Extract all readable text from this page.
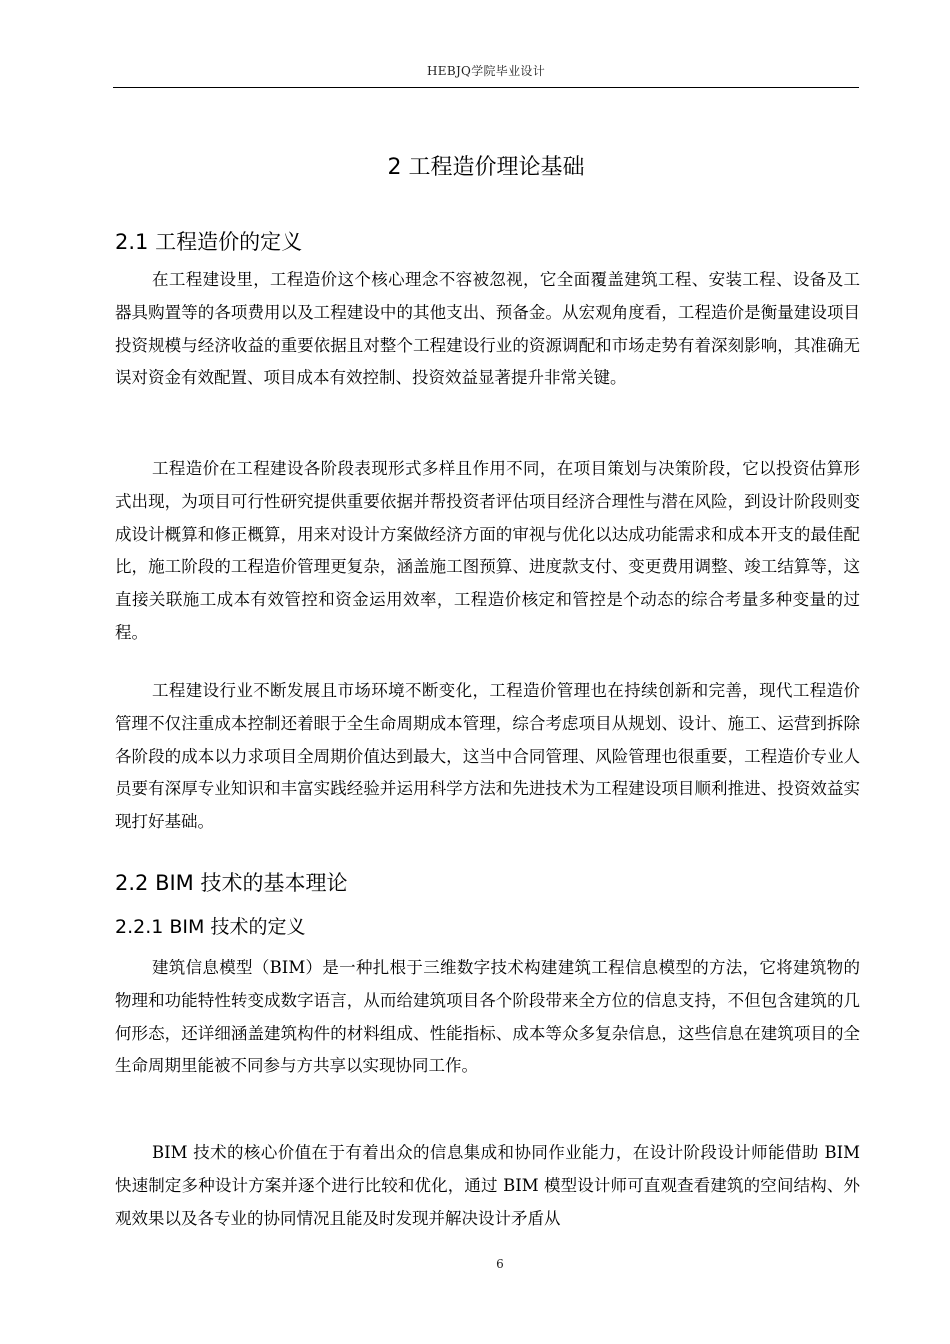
HEBJQ学院毕业设计
2 工程造价理论基础
2.1 工程造价的定义

在工程建设里，工程造价这个核心理念不容被忽视，它全面覆盖建筑工程、安装工程、设备及工器具购置等的各项费用以及工程建设中的其他支出、预备金。从宏观角度看，工程造价是衡量建设项目投资规模与经济收益的重要依据且对整个工程建设行业的资源调配和市场走势有着深刻影响，其准确无误对资金有效配置、项目成本有效控制、投资效益显著提升非常关键。

工程造价在工程建设各阶段表现形式多样且作用不同，在项目策划与决策阶段，它以投资估算形式出现，为项目可行性研究提供重要依据并帮投资者评估项目经济合理性与潜在风险，到设计阶段则变成设计概算和修正概算，用来对设计方案做经济方面的审视与优化以达成功能需求和成本开支的最佳配比，施工阶段的工程造价管理更复杂，涵盖施工图预算、进度款支付、变更费用调整、竣工结算等，这直接关联施工成本有效管控和资金运用效率，工程造价核定和管控是个动态的综合考量多种变量的过程。

工程建设行业不断发展且市场环境不断变化，工程造价管理也在持续创新和完善，现代工程造价管理不仅注重成本控制还着眼于全生命周期成本管理，综合考虑项目从规划、设计、施工、运营到拆除各阶段的成本以力求项目全周期价值达到最大，这当中合同管理、风险管理也很重要，工程造价专业人员要有深厚专业知识和丰富实践经验并运用科学方法和先进技术为工程建设项目顺利推进、投资效益实现打好基础。

2.2 BIM 技术的基本理论
2.2.1 BIM 技术的定义

建筑信息模型（BIM）是一种扎根于三维数字技术构建建筑工程信息模型的方法，它将建筑物的物理和功能特性转变成数字语言，从而给建筑项目各个阶段带来全方位的信息支持，不但包含建筑的几何形态，还详细涵盖建筑构件的材料组成、性能指标、成本等众多复杂信息，这些信息在建筑项目的全生命周期里能被不同参与方共享以实现协同工作。

BIM 技术的核心价值在于有着出众的信息集成和协同作业能力，在设计阶段设计师能借助 BIM 快速制定多种设计方案并逐个进行比较和优化，通过 BIM 模型设计师可直观查看建筑的空间结构、外观效果以及各专业的协同情况且能及时发现并解决设计矛盾从

6
